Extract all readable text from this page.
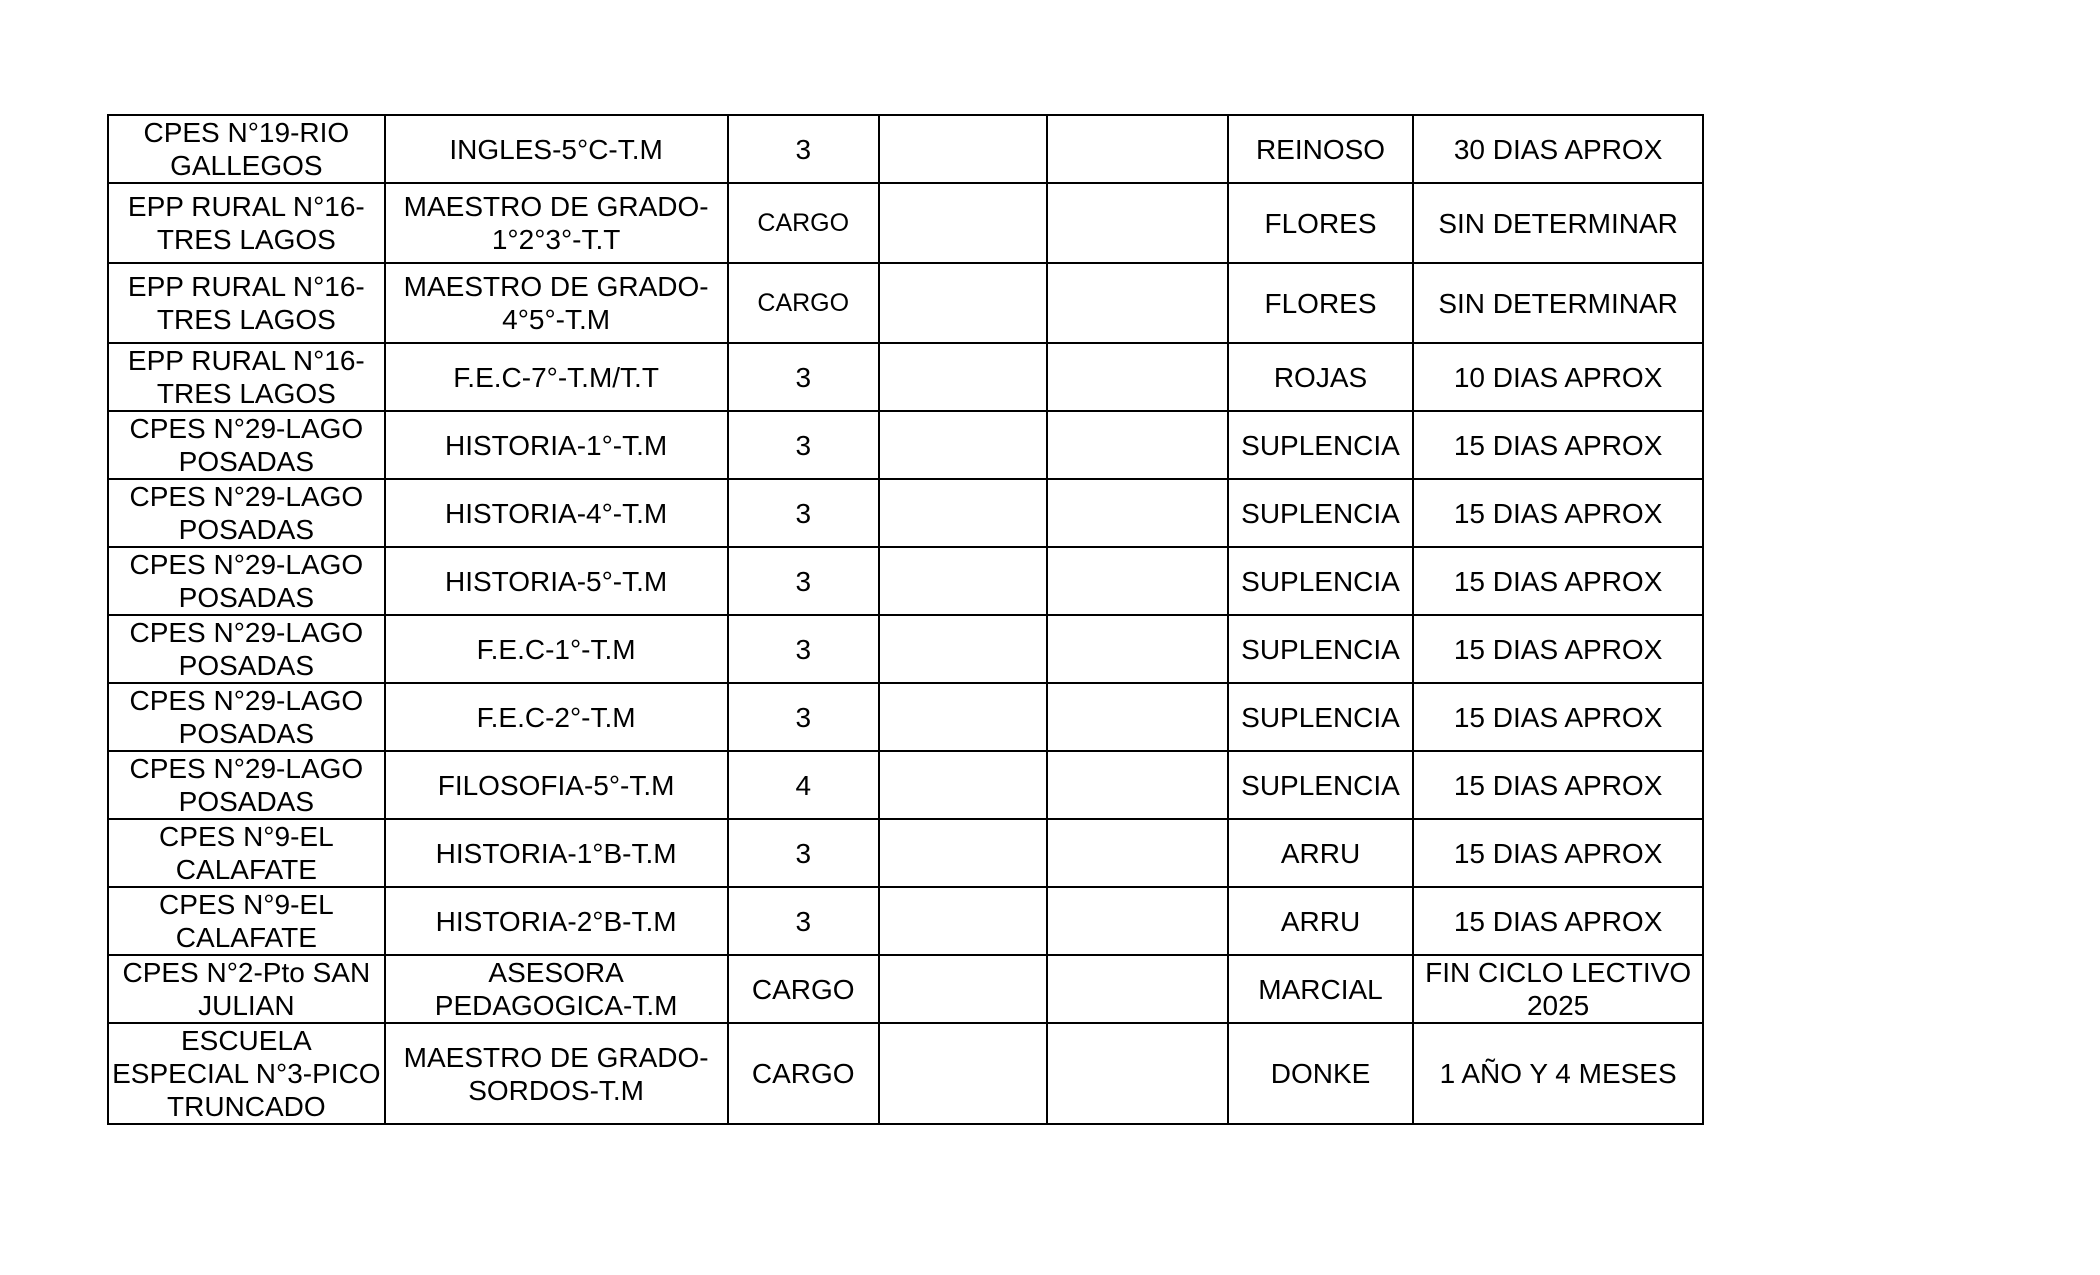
CPES N°19-RIO GALLEGOS	INGLES-5°C-T.M	3			REINOSO	30 DIAS APROX

EPP RURAL N°16-TRES LAGOS	MAESTRO DE GRADO-1°2°3°-T.T	CARGO			FLORES	SIN DETERMINAR

EPP RURAL N°16-TRES LAGOS	MAESTRO DE GRADO-4°5°-T.M	CARGO			FLORES	SIN DETERMINAR

EPP RURAL N°16-TRES LAGOS	F.E.C-7°-T.M/T.T	3			ROJAS	10 DIAS APROX

CPES N°29-LAGO POSADAS	HISTORIA-1°-T.M	3			SUPLENCIA	15 DIAS APROX

CPES N°29-LAGO POSADAS	HISTORIA-4°-T.M	3			SUPLENCIA	15 DIAS APROX

CPES N°29-LAGO POSADAS	HISTORIA-5°-T.M	3			SUPLENCIA	15 DIAS APROX

CPES N°29-LAGO POSADAS	F.E.C-1°-T.M	3			SUPLENCIA	15 DIAS APROX

CPES N°29-LAGO POSADAS	F.E.C-2°-T.M	3			SUPLENCIA	15 DIAS APROX

CPES N°29-LAGO POSADAS	FILOSOFIA-5°-T.M	4			SUPLENCIA	15 DIAS APROX

CPES N°9-EL CALAFATE	HISTORIA-1°B-T.M	3			ARRU	15 DIAS APROX

CPES N°9-EL CALAFATE	HISTORIA-2°B-T.M	3			ARRU	15 DIAS APROX

CPES N°2-Pto SAN JULIAN	ASESORA PEDAGOGICA-T.M	CARGO			MARCIAL	FIN CICLO LECTIVO 2025

ESCUELA ESPECIAL N°3-PICO TRUNCADO	MAESTRO DE GRADO-SORDOS-T.M	CARGO			DONKE	1 AÑO Y 4 MESES
